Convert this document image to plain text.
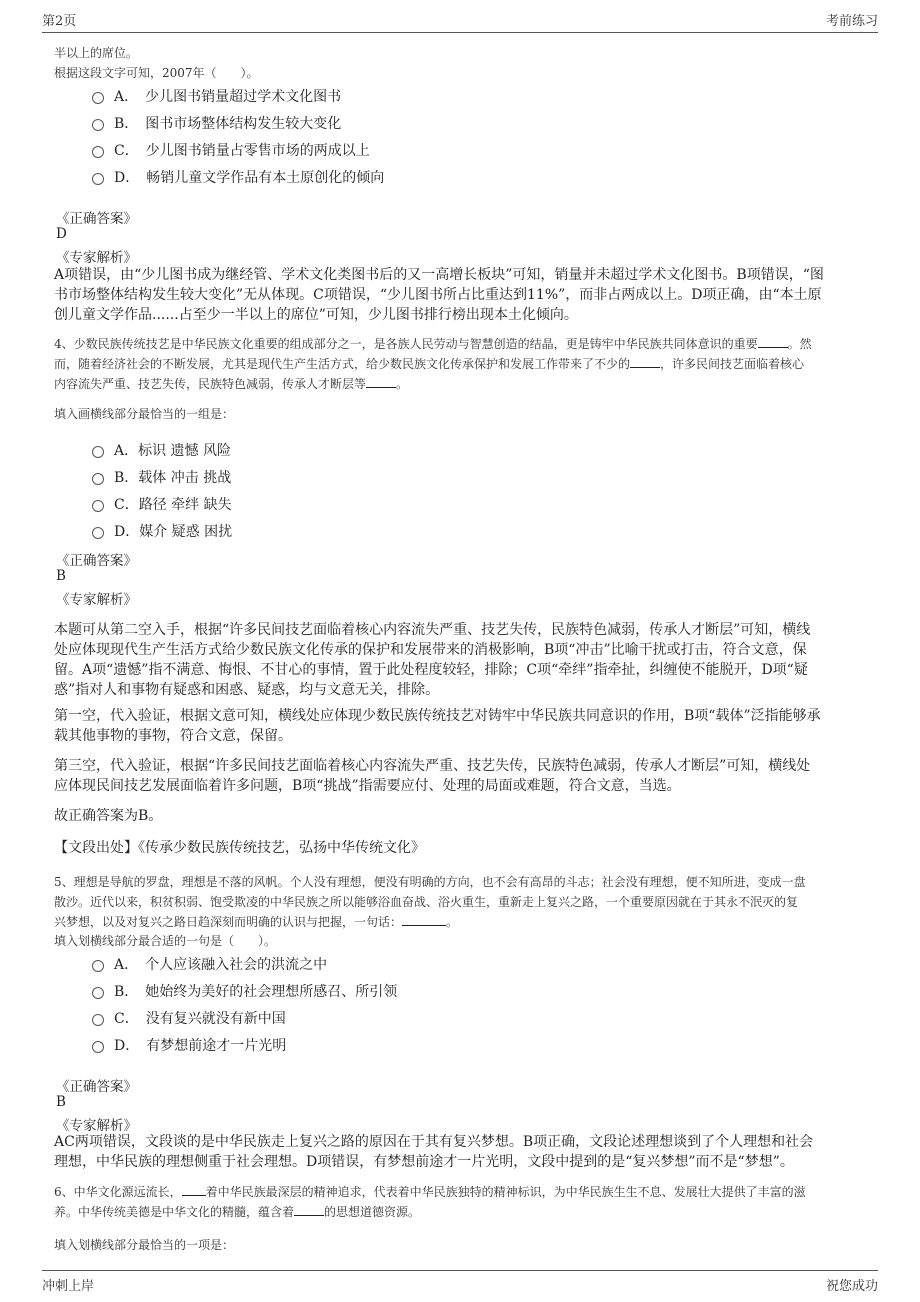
第2页	考前练习
半以上的席位。
根据这段文字可知，2007年（　　）。
A．　少儿图书销量超过学术文化图书
B．　图书市场整体结构发生较大变化
C．　少儿图书销量占零售市场的两成以上
D．　畅销儿童文学作品有本土原创化的倾向
《正确答案》
D
《专家解析》
A项错误，由“少儿图书成为继经管、学术文化类图书后的又一高增长板块”可知，销量并未超过学术文化图书。B项错误，“图
书市场整体结构发生较大变化”无从体现。C项错误，“少儿图书所占比重达到11%”，而非占两成以上。D项正确，由“本土原
创儿童文学作品......占至少一半以上的席位”可知，少儿图书排行榜出现本土化倾向。
4、少数民族传统技艺是中华民族文化重要的组成部分之一，是各族人民劳动与智慧创造的结晶，更是铸牢中华民族共同体意识的重要	。然
而，随着经济社会的不断发展，尤其是现代生产生活方式，给少数民族文化传承保护和发展工作带来了不少的	，许多民间技艺面临着核心
内容流失严重、技艺失传，民族特色减弱，传承人才断层等	。
填入画横线部分最恰当的一组是：
A．标识 遗憾 风险
B．载体 冲击 挑战
C．路径 牵绊 缺失
D．媒介 疑惑 困扰
《正确答案》
B
《专家解析》
本题可从第二空入手，根据“许多民间技艺面临着核心内容流失严重、技艺失传，民族特色减弱，传承人才断层”可知，横线
处应体现现代生产生活方式给少数民族文化传承的保护和发展带来的消极影响，B项“冲击”比喻干扰或打击，符合文意，保
留。A项“遗憾”指不满意、悔恨、不甘心的事情，置于此处程度较轻，排除；C项“牵绊”指牵扯，纠缠使不能脱开，D项“疑
惑”指对人和事物有疑惑和困惑、疑惑，均与文意无关，排除。
第一空，代入验证，根据文意可知，横线处应体现少数民族传统技艺对铸牢中华民族共同意识的作用，B项“载体”泛指能够承
载其他事物的事物，符合文意，保留。
第三空，代入验证，根据“许多民间技艺面临着核心内容流失严重、技艺失传，民族特色减弱，传承人才断层”可知，横线处
应体现民间技艺发展面临着许多问题，B项“挑战”指需要应付、处理的局面或难题，符合文意，当选。
故正确答案为B。
【文段出处】《传承少数民族传统技艺，弘扬中华传统文化》
5、理想是导航的罗盘，理想是不落的风帆。个人没有理想，便没有明确的方向，也不会有高昂的斗志；社会没有理想，便不知所进，变成一盘
散沙。近代以来，积贫积弱、饱受欺凌的中华民族之所以能够浴血奋战、浴火重生，重新走上复兴之路，一个重要原因就在于其永不泯灭的复
兴梦想，以及对复兴之路日趋深刻而明确的认识与把握，一句话：	。
填入划横线部分最合适的一句是（　　）。
A．　个人应该融入社会的洪流之中
B．　她始终为美好的社会理想所感召、所引领
C．　没有复兴就没有新中国
D．　有梦想前途才一片光明
《正确答案》
B
《专家解析》
AC两项错误，文段谈的是中华民族走上复兴之路的原因在于其有复兴梦想。B项正确，文段论述理想谈到了个人理想和社会
理想，中华民族的理想侧重于社会理想。D项错误，有梦想前途才一片光明，文段中提到的是“复兴梦想”而不是“梦想”。
6、中华文化源远流长， 着中华民族最深层的精神追求，代表着中华民族独特的精神标识，为中华民族生生不息、发展壮大提供了丰富的滋
养。中华传统美德是中华文化的精髓，蕴含着	的思想道德资源。
填入划横线部分最恰当的一项是：
冲刺上岸	祝您成功
